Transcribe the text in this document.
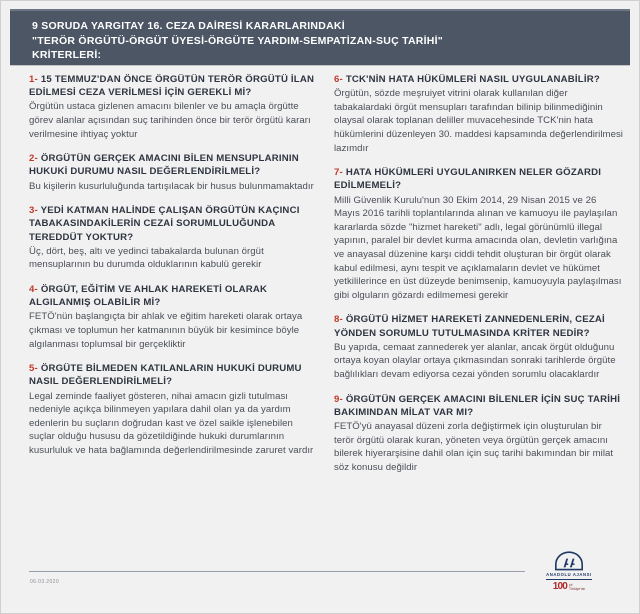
9 SORUDA YARGITAY 16. CEZA DAİRESİ KARARLARINDAKİ
"TERÖR ÖRGÜTÜ-ÖRGÜT ÜYESİ-ÖRGÜTE YARDIM-SEMPATİZAN-SUÇ TARİHİ"
KRİTERLERİ:

1- 15 TEMMUZ'DAN ÖNCE ÖRGÜTÜN TERÖR ÖRGÜTÜ İLAN EDİLMESİ CEZA VERİLMESİ İÇİN GEREKLİ Mİ?

Örgütün ustaca gizlenen amacını bilenler ve bu amaçla örgütte görev alanlar açısından suç tarihinden önce bir terör örgütü kararı verilmesine ihtiyaç yoktur

2- ÖRGÜTÜN GERÇEK AMACINI BİLEN MENSUPLARININ HUKUKİ DURUMU NASIL DEĞERLENDİRİLMELİ?

Bu kişilerin kusurluluğunda tartışılacak bir husus bulunmamaktadır

3- YEDİ KATMAN HALİNDE ÇALIŞAN ÖRGÜTÜN KAÇINCI TABAKASINDAKİLERİN CEZAİ SORUMLULUĞUNDA TEREDDÜT YOKTUR?

Üç, dört, beş, altı ve yedinci tabakalarda bulunan örgüt mensuplarının bu durumda olduklarının kabulü gerekir

4- ÖRGÜT, EĞİTİM VE AHLAK HAREKETİ OLARAK ALGILANMIŞ OLABİLİR Mİ?

FETÖ'nün başlangıçta bir ahlak ve eğitim hareketi olarak ortaya çıkması ve toplumun her katmanının büyük bir kesimince böyle algılanması toplumsal bir gerçekliktir

5- ÖRGÜTE BİLMEDEN KATILANLARIN HUKUKİ DURUMU NASIL DEĞERLENDİRİLMELİ?

Legal zeminde faaliyet gösteren, nihai amacın gizli tutulması nedeniyle açıkça bilinmeyen yapılara dahil olan ya da yardım edenlerin bu suçların doğrudan kast ve özel saikle işlenebilen suçlar olduğu hususu da gözetildiğinde hukuki durumlarının kusurluluk ve hata bağlamında değerlendirilmesinde zaruret vardır

6- TCK'NİN HATA HÜKÜMLERİ NASIL UYGULANABİLİR?

Örgütün, sözde meşruiyet vitrini olarak kullanılan diğer tabakalardaki örgüt mensupları tarafından bilinip bilinmediğinin olaysal olarak toplanan deliller muvacehesinde TCK'nin hata hükümlerini düzenleyen 30. maddesi kapsamında değerlendirilmesi lazımdır

7- HATA HÜKÜMLERİ UYGULANIRKEN NELER GÖZARDI EDİLMEMELİ?

Milli Güvenlik Kurulu'nun 30 Ekim 2014, 29 Nisan 2015 ve 26 Mayıs 2016 tarihli toplantılarında alınan ve kamuoyu ile paylaşılan kararlarda sözde "hizmet hareketi" adlı, legal görünümlü illegal yapının, paralel bir devlet kurma amacında olan, devletin varlığına ve anayasal düzenine karşı ciddi tehdit oluşturan bir örgüt olarak kabul edilmesi, aynı tespit ve açıklamaların devlet ve hükümet yetkililerince en üst düzeyde benimsenip, kamuoyuyla paylaşılması gibi olguların gözardı edilmemesi gerekir

8- ÖRGÜTÜ HİZMET HAREKETİ ZANNEDENLERİN, CEZAİ YÖNDEN SORUMLU TUTULMASINDA KRİTER NEDİR?

Bu yapıda, cemaat zannederek yer alanlar, ancak örgüt olduğunu ortaya koyan olaylar ortaya çıkmasından sonraki tarihlerde örgüte bağlılıkları devam ediyorsa cezai yönden sorumlu olacaklardır

9- ÖRGÜTÜN GERÇEK AMACINI BİLENLER İÇİN SUÇ TARİHİ BAKIMINDAN MİLAT VAR MI?

FETÖ'yü anayasal düzeni zorla değiştirmek için oluşturulan bir terör örgütü olarak kuran, yöneten veya örgütün gerçek amacını bilerek hiyerarşisine dahil olan için suç tarihi bakımından bir milat söz konusu değildir

06.03.2020
ANADOLU AJANSI
100 yıl
Türkiye'nin
